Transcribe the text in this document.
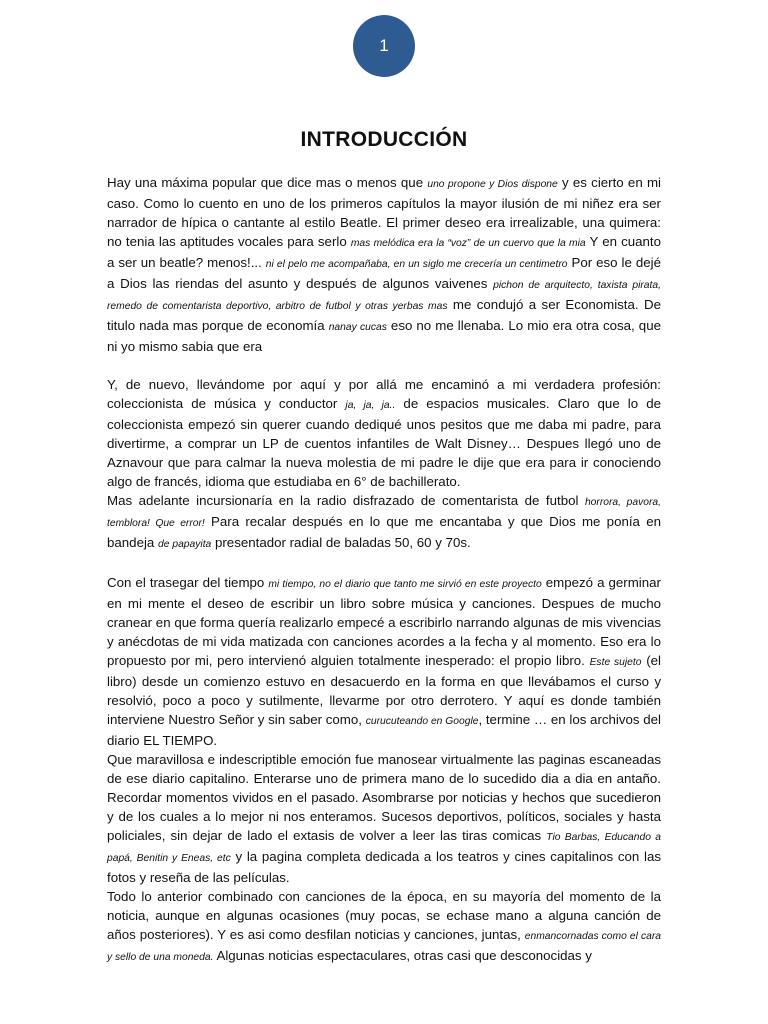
1
INTRODUCCIÓN

Hay una máxima popular que dice mas o menos que uno propone y Dios dispone y es cierto en mi caso. Como lo cuento en uno de los primeros capítulos la mayor ilusión de mi niñez era ser narrador de hípica o cantante al estilo Beatle. El primer deseo era irrealizable, una quimera: no tenia las aptitudes vocales para serlo mas melódica era la “voz” de un cuervo que la mia Y en cuanto a ser un beatle? menos!... ni el pelo me acompañaba, en un siglo me crecería un centimetro Por eso le dejé a Dios las riendas del asunto y después de algunos vaivenes pichon de arquitecto, taxista pirata, remedo de comentarista deportivo, arbitro de futbol y otras yerbas mas me condujó a ser Economista. De titulo nada mas porque de economía nanay cucas eso no me llenaba. Lo mio era otra cosa, que ni yo mismo sabia que era

Y, de nuevo, llevándome por aquí y por allá me encaminó a mi verdadera profesión: coleccionista de música y conductor ja, ja, ja.. de espacios musicales. Claro que lo de coleccionista empezó sin querer cuando dediqué unos pesitos que me daba mi padre, para divertirme, a comprar un LP de cuentos infantiles de Walt Disney… Despues llegó uno de Aznavour que para calmar la nueva molestia de mi padre le dije que era para ir conociendo algo de francés, idioma que estudiaba en 6° de bachillerato.

Mas adelante incursionaría en la radio disfrazado de comentarista de futbol horrora, pavora, temblora! Que error! Para recalar después en lo que me encantaba y que Dios me ponía en bandeja de papayita presentador radial de baladas 50, 60 y 70s.

Con el trasegar del tiempo mi tiempo, no el diario que tanto me sirvió en este proyecto empezó a germinar en mi mente el deseo de escribir un libro sobre música y canciones. Despues de mucho cranear en que forma quería realizarlo empecé a escribirlo narrando algunas de mis vivencias y anécdotas de mi vida matizada con canciones acordes a la fecha y al momento. Eso era lo propuesto por mi, pero intervienó alguien totalmente inesperado: el propio libro. Este sujeto (el libro) desde un comienzo estuvo en desacuerdo en la forma en que llevábamos el curso y resolvió, poco a poco y sutilmente, llevarme por otro derrotero. Y aquí es donde también interviene Nuestro Señor y sin saber como, curucuteando en Google, termine … en los archivos del diario EL TIEMPO.

Que maravillosa e indescriptible emoción fue manosear virtualmente las paginas escaneadas de ese diario capitalino. Enterarse uno de primera mano de lo sucedido dia a dia en antaño. Recordar momentos vividos en el pasado. Asombrarse por noticias y hechos que sucedieron y de los cuales a lo mejor ni nos enteramos. Sucesos deportivos, políticos, sociales y hasta policiales, sin dejar de lado el extasis de volver a leer las tiras comicas Tio Barbas, Educando a papá, Benitin y Eneas, etc y la pagina completa dedicada a los teatros y cines capitalinos con las fotos y reseña de las películas.

Todo lo anterior combinado con canciones de la época, en su mayoría del momento de la noticia, aunque en algunas ocasiones (muy pocas, se echase mano a alguna canción de años posteriores). Y es asi como desfilan noticias y canciones, juntas, enmancornadas como el cara y sello de una moneda. Algunas noticias espectaculares, otras casi que desconocidas y
